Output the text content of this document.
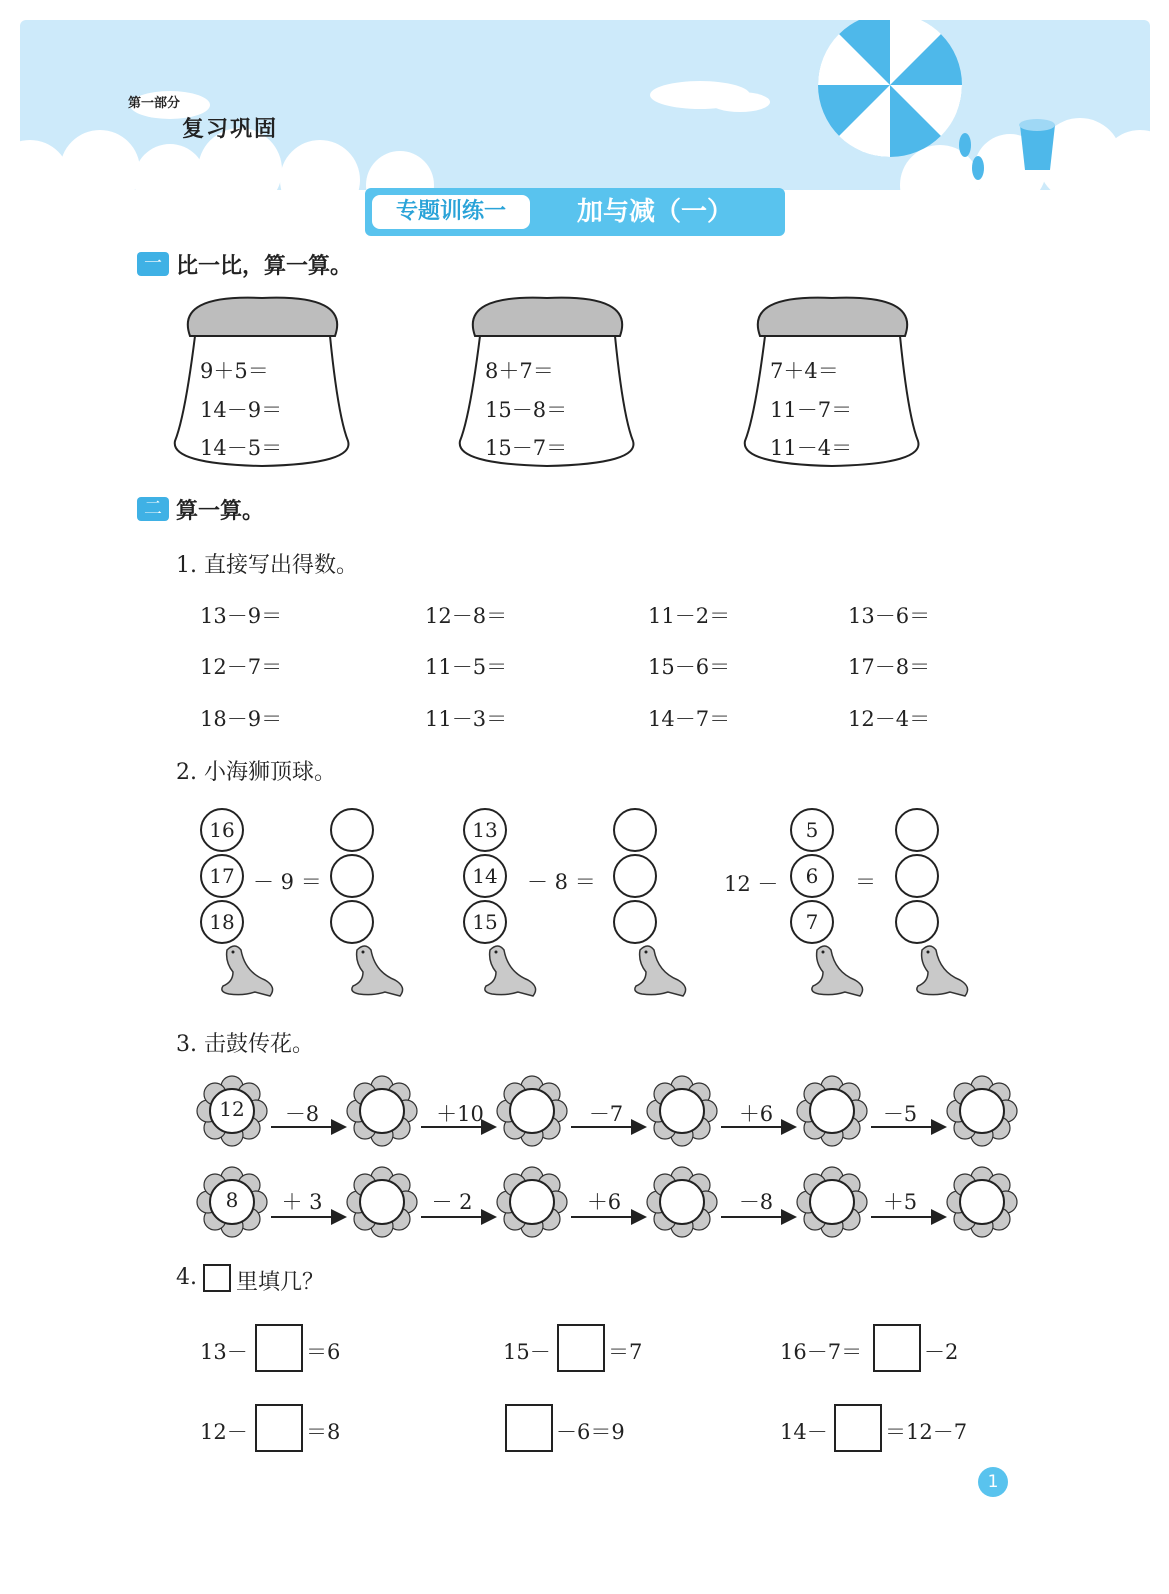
第一部分
复习巩固
专题训练一	加与减（一）
一 比一比，算一算。
9＋5＝
14－9＝
14－5＝
8＋7＝
15－8＝
15－7＝
7＋4＝
11－7＝
11－4＝
二 算一算。
1. 直接写出得数。
13－9＝	12－8＝	11－2＝	13－6＝
12－7＝	11－5＝	15－6＝	17－8＝
18－9＝	11－3＝	14－7＝	12－4＝
2. 小海狮顶球。
16
17
18
－ 9 ＝
13
14
15
－ 8 ＝	12 －
5
6
7
＝
3. 击鼓传花。
12	－8	＋10	－7	＋6	－5
8	＋ 3	－ 2	＋6	－8	＋5
4. 里填几？
13－	＝6	15－	＝7	16－7＝	－2
12－	＝8	－6＝9	14－	＝12－7
1
